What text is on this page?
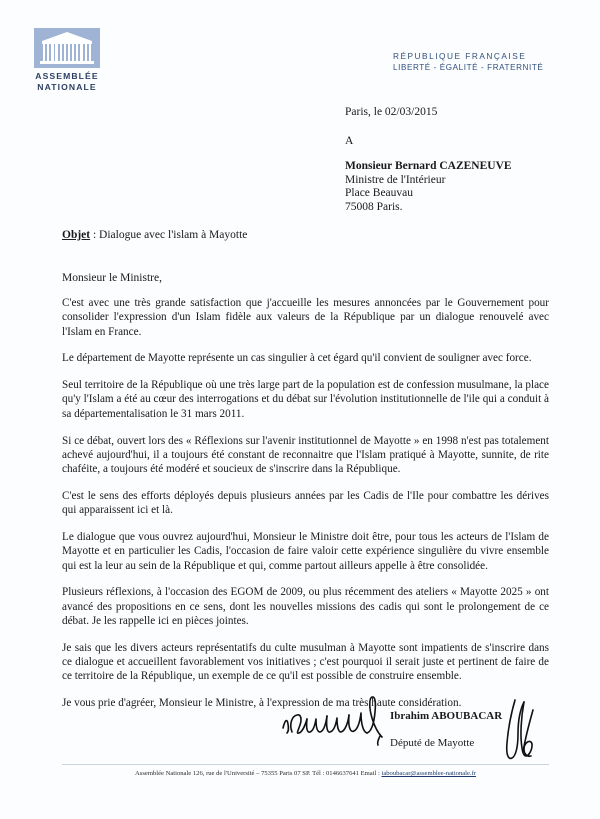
ASSEMBLÉE
NATIONALE
RÉPUBLIQUE FRANÇAISE
LIBERTÉ - ÉGALITÉ - FRATERNITÉ
Paris, le 02/03/2015
A
Monsieur Bernard CAZENEUVE
Ministre de l'Intérieur
Place Beauvau
75008 Paris.
Objet : Dialogue avec l'islam à Mayotte
Monsieur le Ministre,

C'est avec une très grande satisfaction que j'accueille les mesures annoncées par le Gouvernement pour consolider l'expression d'un Islam fidèle aux valeurs de la République par un dialogue renouvelé avec l'Islam en France.

Le département de Mayotte représente un cas singulier à cet égard qu'il convient de souligner avec force.

Seul territoire de la République où une très large part de la population est de confession musulmane, la place qu'y l'Islam a été au cœur des interrogations et du débat sur l'évolution institutionnelle de l'ile qui a conduit à sa départementalisation le 31 mars 2011.

Si ce débat, ouvert lors des « Réflexions sur l'avenir institutionnel de Mayotte » en 1998 n'est pas totalement achevé aujourd'hui, il a toujours été constant de reconnaitre que l'Islam pratiqué à Mayotte, sunnite, de rite chaféite, a toujours été modéré et soucieux de s'inscrire dans la République.

C'est le sens des efforts déployés depuis plusieurs années par les Cadis de l'Ile pour combattre les dérives qui apparaissent ici et là.

Le dialogue que vous ouvrez aujourd'hui, Monsieur le Ministre doit être, pour tous les acteurs de l'Islam de Mayotte et en particulier les Cadis, l'occasion de faire valoir cette expérience singulière du vivre ensemble qui est la leur au sein de la République et qui, comme partout ailleurs appelle à être consolidée.

Plusieurs réflexions, à l'occasion des EGOM de 2009, ou plus récemment des ateliers « Mayotte 2025 » ont avancé des propositions en ce sens, dont les nouvelles missions des cadis qui sont le prolongement de ce débat. Je les rappelle ici en pièces jointes.

Je sais que les divers acteurs représentatifs du culte musulman à Mayotte sont impatients de s'inscrire dans ce dialogue et accueillent favorablement vos initiatives ; c'est pourquoi il serait juste et pertinent de faire de ce territoire de la République, un exemple de ce qu'il est possible de construire ensemble.

Je vous prie d'agréer, Monsieur le Ministre, à l'expression de ma très haute considération.

Ibrahim ABOUBACAR
Député de Mayotte
Assemblée Nationale 126, rue de l'Université – 75355 Paris 07 SP. Tél : 0146637641 Email : iaboubacar@assemblee-nationale.fr
